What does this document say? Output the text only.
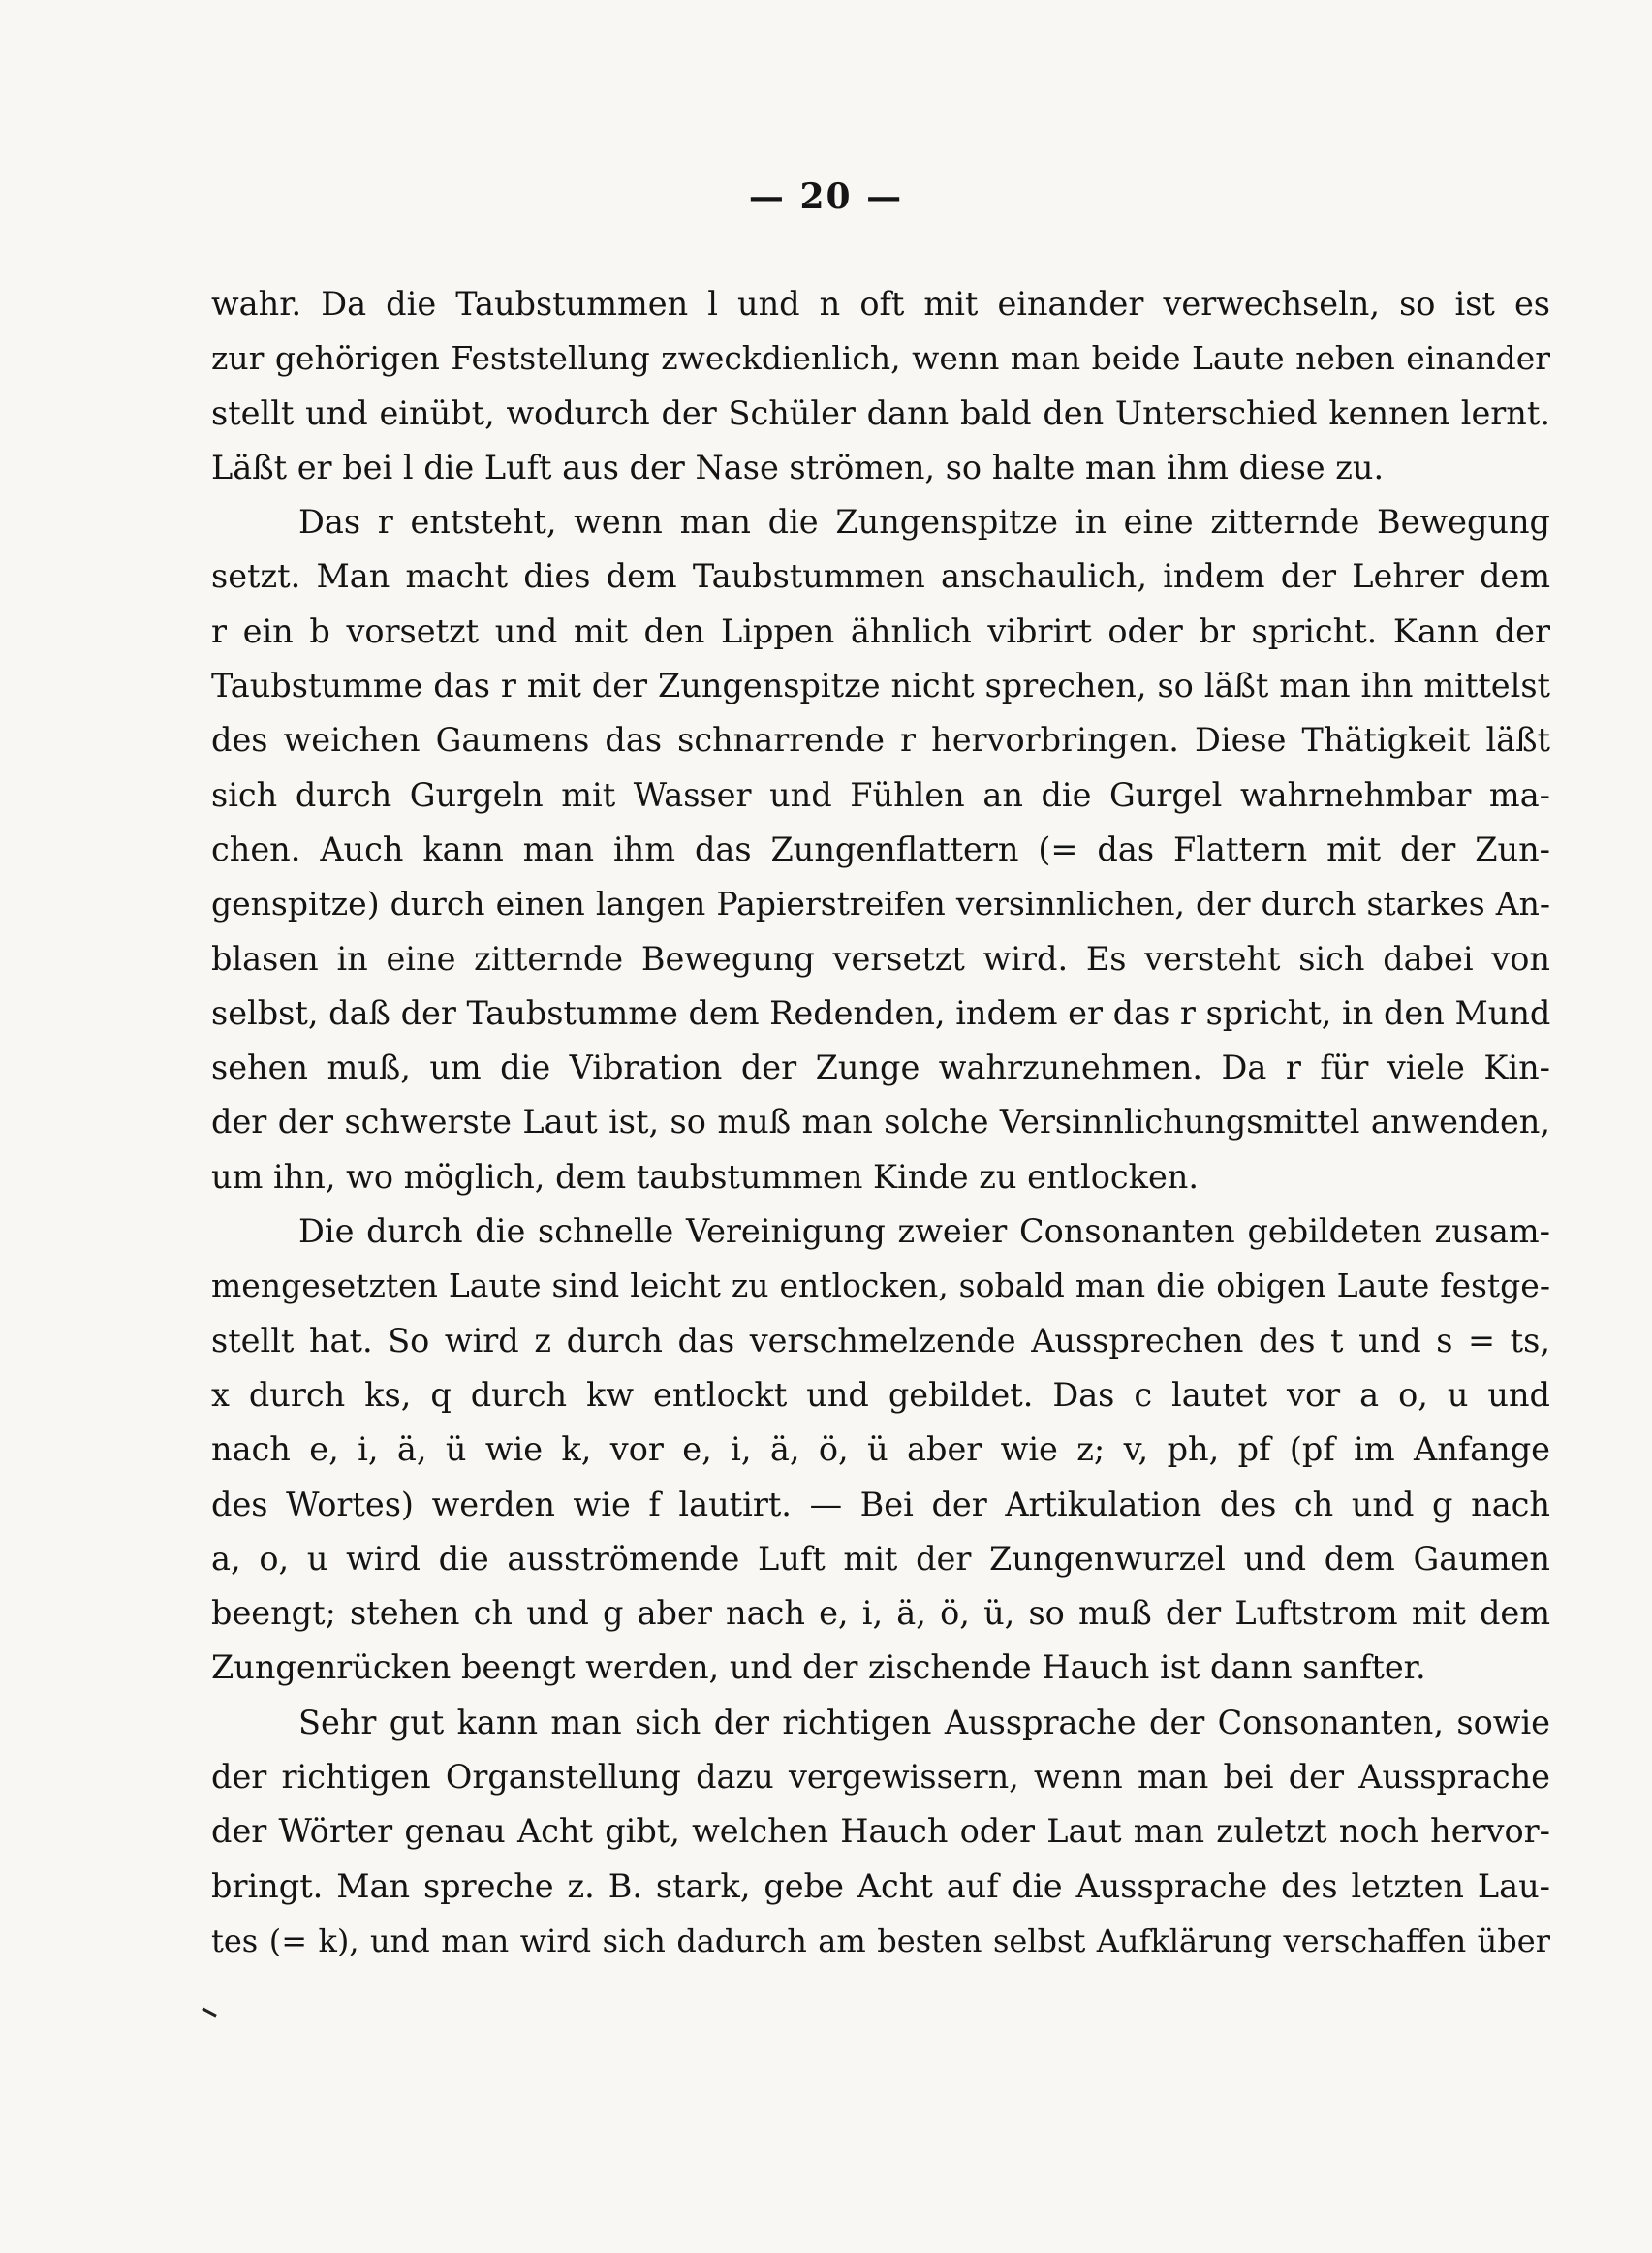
— 20 —
wahr. Da die Taubstummen l und n oft mit einander verwechseln, so ist es
zur gehörigen Feststellung zweckdienlich, wenn man beide Laute neben einander
stellt und einübt, wodurch der Schüler dann bald den Unterschied kennen lernt.
Läßt er bei l die Luft aus der Nase strömen, so halte man ihm diese zu.
Das r entsteht, wenn man die Zungenspitze in eine zitternde Bewegung
setzt. Man macht dies dem Taubstummen anschaulich, indem der Lehrer dem
r ein b vorsetzt und mit den Lippen ähnlich vibrirt oder br spricht. Kann der
Taubstumme das r mit der Zungenspitze nicht sprechen, so läßt man ihn mittelst
des weichen Gaumens das schnarrende r hervorbringen. Diese Thätigkeit läßt
sich durch Gurgeln mit Wasser und Fühlen an die Gurgel wahrnehmbar ma-
chen. Auch kann man ihm das Zungenflattern (= das Flattern mit der Zun-
genspitze) durch einen langen Papierstreifen versinnlichen, der durch starkes An-
blasen in eine zitternde Bewegung versetzt wird. Es versteht sich dabei von
selbst, daß der Taubstumme dem Redenden, indem er das r spricht, in den Mund
sehen muß, um die Vibration der Zunge wahrzunehmen. Da r für viele Kin-
der der schwerste Laut ist, so muß man solche Versinnlichungsmittel anwenden,
um ihn, wo möglich, dem taubstummen Kinde zu entlocken.
Die durch die schnelle Vereinigung zweier Consonanten gebildeten zusam-
mengesetzten Laute sind leicht zu entlocken, sobald man die obigen Laute festge-
stellt hat. So wird z durch das verschmelzende Aussprechen des t und s = ts,
x durch ks, q durch kw entlockt und gebildet. Das c lautet vor a o, u und
nach e, i, ä, ü wie k, vor e, i, ä, ö, ü aber wie z; v, ph, pf (pf im Anfange
des Wortes) werden wie f lautirt. — Bei der Artikulation des ch und g nach
a, o, u wird die ausströmende Luft mit der Zungenwurzel und dem Gaumen
beengt; stehen ch und g aber nach e, i, ä, ö, ü, so muß der Luftstrom mit dem
Zungenrücken beengt werden, und der zischende Hauch ist dann sanfter.
Sehr gut kann man sich der richtigen Aussprache der Consonanten, sowie
der richtigen Organstellung dazu vergewissern, wenn man bei der Aussprache
der Wörter genau Acht gibt, welchen Hauch oder Laut man zuletzt noch hervor-
bringt. Man spreche z. B. stark, gebe Acht auf die Aussprache des letzten Lau-
tes (= k), und man wird sich dadurch am besten selbst Aufklärung verschaffen über
